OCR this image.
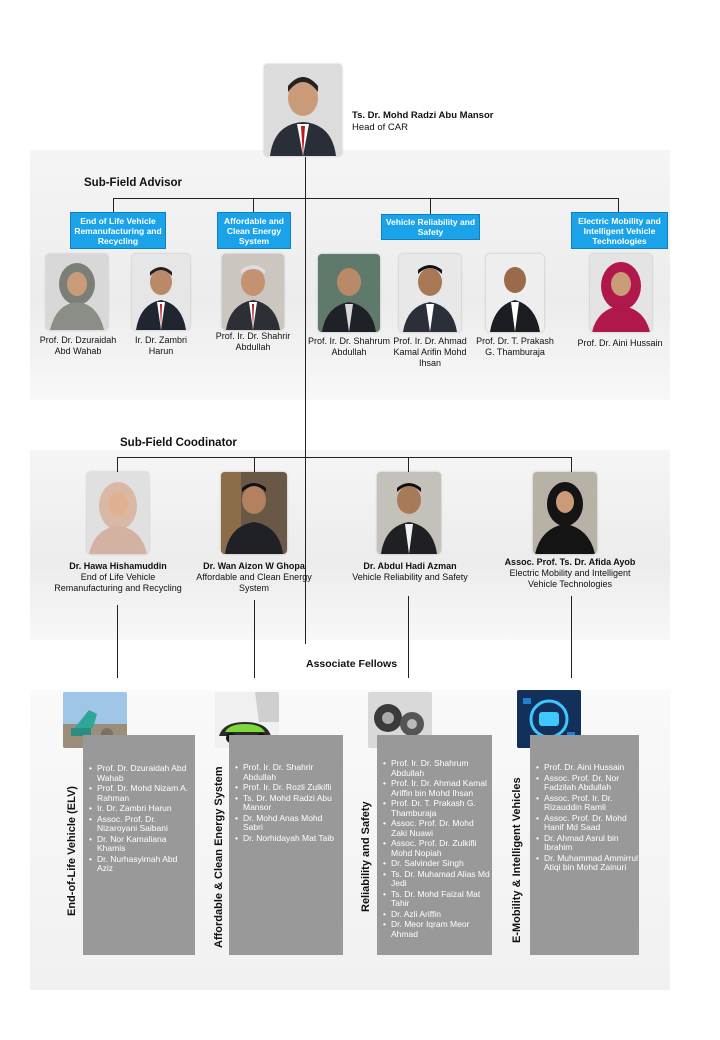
Ts. Dr. Mohd Radzi Abu Mansor
Head of CAR
Sub-Field Advisor
End of Life Vehicle Remanufacturing and Recycling
Affordable and Clean Energy System
Vehicle Reliability and Safety
Electric Mobility and Intelligent Vehicle Technologies
Prof. Dr. Dzuraidah Abd Wahab
Ir. Dr. Zambri Harun
Prof. Ir. Dr. Shahrir Abdullah
Prof. Ir. Dr. Shahrum Abdullah
Prof. Ir. Dr. Ahmad Kamal Arifin Mohd Ihsan
Prof. Dr. T. Prakash G. Thamburaja
Prof. Dr. Aini Hussain
Sub-Field Coodinator
Dr. Hawa Hishamuddin
End of Life Vehicle Remanufacturing and Recycling
Dr. Wan Aizon W Ghopa
Affordable and Clean Energy System
Dr. Abdul Hadi Azman
Vehicle Reliability and Safety
Assoc. Prof. Ts. Dr. Afida Ayob
Electric Mobility and Intelligent Vehicle Technologies
Associate Fellows
• Prof. Dr. Dzuraidah Abd Wahab
• Prof. Dr. Mohd Nizam A. Rahman
• Ir. Dr. Zambri Harun
• Assoc. Prof. Dr. Nizaroyani Saibani
• Dr. Nor Kamaliana Khamis
• Dr. Nurhasyimah Abd Aziz
• Prof. Ir. Dr. Shahrir Abdullah
• Prof. Ir. Dr. Rozli Zulkifli
• Ts. Dr. Mohd Radzi Abu Mansor
• Dr. Mohd Anas Mohd Sabri
• Dr. Norhidayah Mat Taib
• Prof. Ir. Dr. Shahrum Abdullah
• Prof. Ir. Dr. Ahmad Kamal Ariffin bin Mohd Ihsan
• Prof. Dr. T. Prakash G. Thamburaja
• Assoc. Prof. Dr. Mohd Zaki Nuawi
• Assoc. Prof. Dr. Zulkifli Mohd Nopiah
• Dr. Salvinder Singh
• Ts. Dr. Muhamad Alias Md Jedi
• Ts. Dr. Mohd Faizal Mat Tahir
• Dr. Azli Ariffin
• Dr. Meor Iqram Meor Ahmad
• Prof. Dr. Aini Hussain
• Assoc. Prof. Dr. Nor Fadzilah Abdullah
• Assoc. Prof. Ir. Dr. Rizauddin Ramli
• Assoc. Prof. Dr. Mohd Hanif Md Saad
• Dr. Ahmad Asrul bin Ibrahim
• Dr. Muhammad Ammirrul Atiqi bin Mohd Zainuri
End-of-Life Vehicle (ELV)	Affordable & Clean Energy System	Reliability and Safety	E-Mobility & Intelligent Vehicles
